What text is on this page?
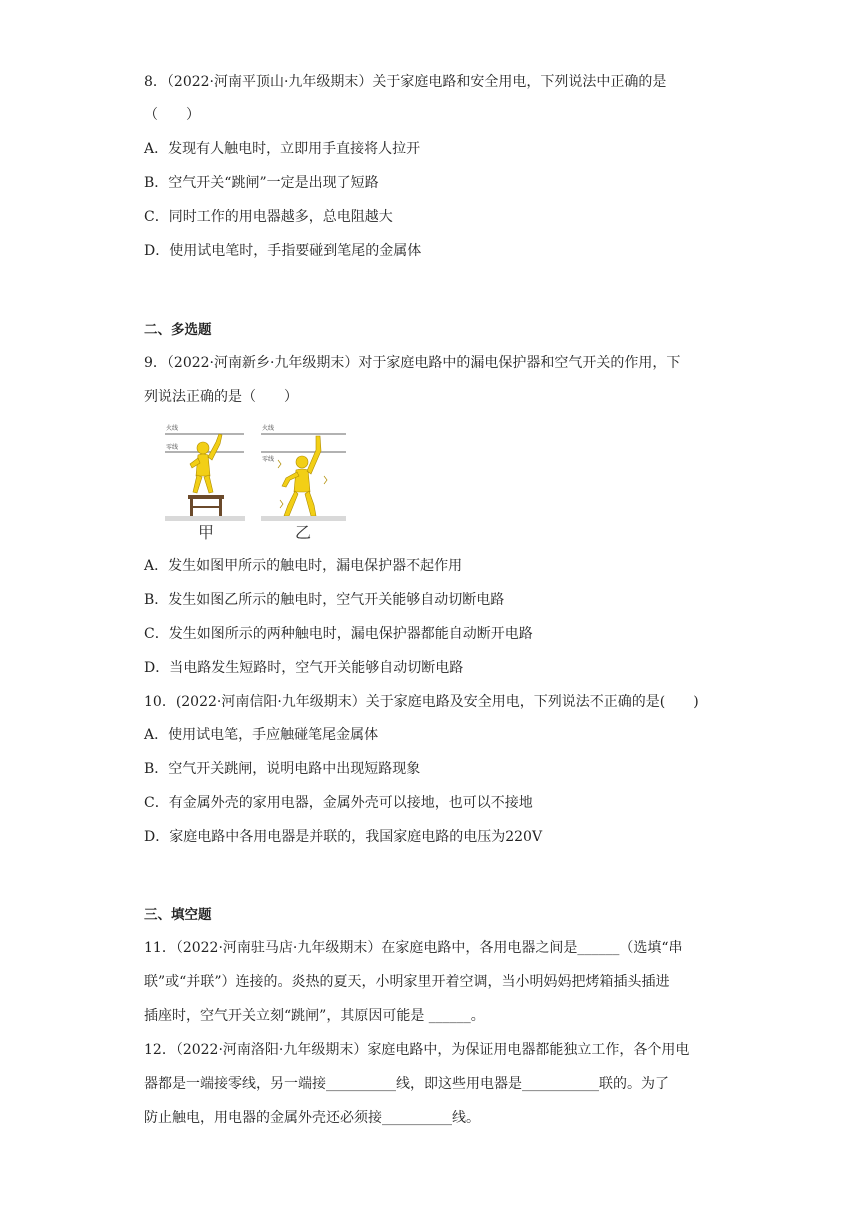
8．（2022·河南平顶山·九年级期末）关于家庭电路和安全用电，下列说法中正确的是
（　　）
A．发现有人触电时，立即用手直接将人拉开
B．空气开关“跳闸”一定是出现了短路
C．同时工作的用电器越多，总电阻越大
D．使用试电笔时，手指要碰到笔尾的金属体
二、多选题
9．（2022·河南新乡·九年级期末）对于家庭电路中的漏电保护器和空气开关的作用，下
列说法正确的是（　　）
火线
零线
甲
火线
零线
乙
A．发生如图甲所示的触电时，漏电保护器不起作用
B．发生如图乙所示的触电时，空气开关能够自动切断电路
C．发生如图所示的两种触电时，漏电保护器都能自动断开电路
D．当电路发生短路时，空气开关能够自动切断电路
10．(2022·河南信阳·九年级期末）关于家庭电路及安全用电，下列说法不正确的是(　　)
A．使用试电笔，手应触碰笔尾金属体
B．空气开关跳闸，说明电路中出现短路现象
C．有金属外壳的家用电器，金属外壳可以接地，也可以不接地
D．家庭电路中各用电器是并联的，我国家庭电路的电压为220V
三、填空题
11．（2022·河南驻马店·九年级期末）在家庭电路中，各用电器之间是______（选填“串
联”或“并联”）连接的。炎热的夏天，小明家里开着空调，当小明妈妈把烤箱插头插进
插座时，空气开关立刻“跳闸”，其原因可能是 ______。
12．（2022·河南洛阳·九年级期末）家庭电路中，为保证用电器都能独立工作，各个用电
器都是一端接零线，另一端接__________线，即这些用电器是___________联的。为了
防止触电，用电器的金属外壳还必须接__________线。
